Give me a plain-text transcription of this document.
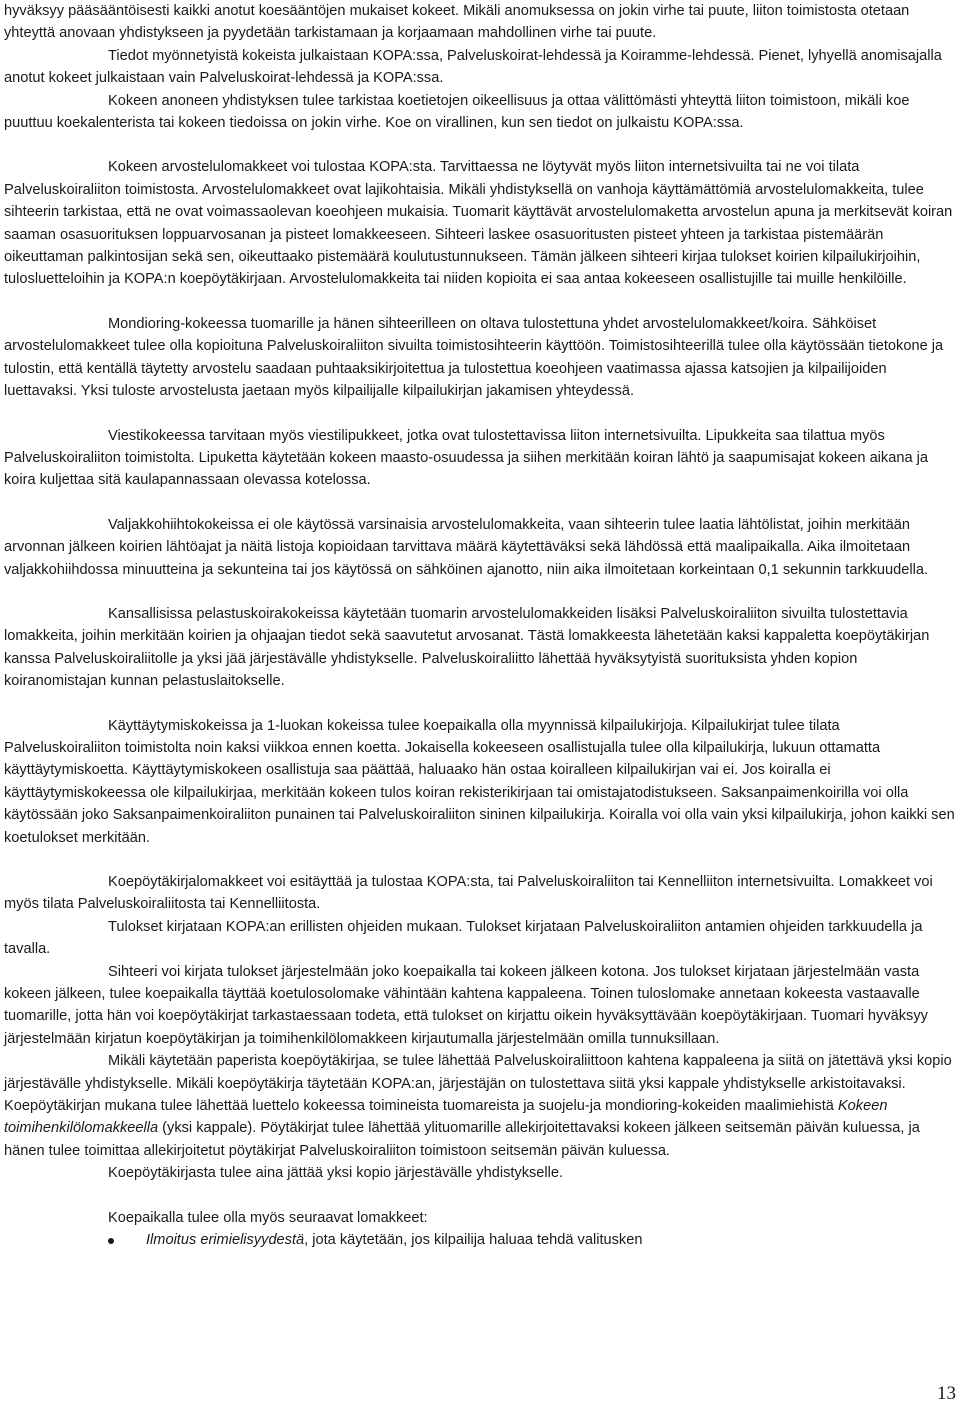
hyväksyy pääsääntöisesti kaikki anotut koesääntöjen mukaiset kokeet. Mikäli anomuksessa on jokin virhe tai puute, liiton toimistosta otetaan yhteyttä anovaan yhdistykseen ja pyydetään tarkistamaan ja korjaamaan mahdollinen virhe tai puute.

Tiedot myönnetyistä kokeista julkaistaan KOPA:ssa, Palveluskoirat-lehdessä ja Koiramme-lehdessä. Pienet, lyhyellä anomisajalla anotut kokeet julkaistaan vain Palveluskoirat-lehdessä ja KOPA:ssa.

Kokeen anoneen yhdistyksen tulee tarkistaa koetietojen oikeellisuus ja ottaa välittömästi yhteyttä liiton toimistoon, mikäli koe puuttuu koekalenterista tai kokeen tiedoissa on jokin virhe. Koe on virallinen, kun sen tiedot on julkaistu KOPA:ssa.

Kokeen arvostelulomakkeet voi tulostaa KOPA:sta. Tarvittaessa ne löytyvät myös liiton internetsivuilta tai ne voi tilata Palveluskoiraliiton toimistosta. Arvostelulomakkeet ovat lajikohtaisia. Mikäli yhdistyksellä on vanhoja käyttämättömiä arvostelulomakkeita, tulee sihteerin tarkistaa, että ne ovat voimassaolevan koeohjeen mukaisia. Tuomarit käyttävät arvostelulomaketta arvostelun apuna ja merkitsevät koiran saaman osasuorituksen loppuarvosanan ja pisteet lomakkeeseen. Sihteeri laskee osasuoritusten pisteet yhteen ja tarkistaa pistemäärän oikeuttaman palkintosijan sekä sen, oikeuttaako pistemäärä koulutustunnukseen. Tämän jälkeen sihteeri kirjaa tulokset koirien kilpailukirjoihin, tulosluetteloihin ja KOPA:n koepöytäkirjaan. Arvostelulomakkeita tai niiden kopioita ei saa antaa kokeeseen osallistujille tai muille henkilöille.

Mondioring-kokeessa tuomarille ja hänen sihteerilleen on oltava tulostettuna yhdet arvostelulomakkeet/koira. Sähköiset arvostelulomakkeet tulee olla kopioituna Palveluskoiraliiton sivuilta toimistosihteerin käyttöön. Toimistosihteerillä tulee olla käytössään tietokone ja tulostin, että kentällä täytetty arvostelu saadaan puhtaaksikirjoitettua ja tulostettua koeohjeen vaatimassa ajassa katsojien ja kilpailijoiden luettavaksi. Yksi tuloste arvostelusta jaetaan myös kilpailijalle kilpailukirjan jakamisen yhteydessä.

Viestikokeessa tarvitaan myös viestilipukkeet, jotka ovat tulostettavissa liiton internetsivuilta. Lipukkeita saa tilattua myös Palveluskoiraliiton toimistolta. Lipuketta käytetään kokeen maasto-osuudessa ja siihen merkitään koiran lähtö ja saapumisajat kokeen aikana ja koira kuljettaa sitä kaulapannassaan olevassa kotelossa.

Valjakkohiihtokokeissa ei ole käytössä varsinaisia arvostelulomakkeita, vaan sihteerin tulee laatia lähtölistat, joihin merkitään arvonnan jälkeen koirien lähtöajat ja näitä listoja kopioidaan tarvittava määrä käytettäväksi sekä lähdössä että maalipaikalla. Aika ilmoitetaan valjakkohiihdossa minuutteina ja sekunteina tai jos käytössä on sähköinen ajanotto, niin aika ilmoitetaan korkeintaan 0,1 sekunnin tarkkuudella.

Kansallisissa pelastuskoirakokeissa käytetään tuomarin arvostelulomakkeiden lisäksi Palveluskoiraliiton sivuilta tulostettavia lomakkeita, joihin merkitään koirien ja ohjaajan tiedot sekä saavutetut arvosanat. Tästä lomakkeesta lähetetään kaksi kappaletta koepöytäkirjan kanssa Palveluskoiraliitolle ja yksi jää järjestävälle yhdistykselle. Palveluskoiraliitto lähettää hyväksytyistä suorituksista yhden kopion koiranomistajan kunnan pelastuslaitokselle.

Käyttäytymiskokeissa ja 1-luokan kokeissa tulee koepaikalla olla myynnissä kilpailukirjoja. Kilpailukirjat tulee tilata Palveluskoiraliiton toimistolta noin kaksi viikkoa ennen koetta. Jokaisella kokeeseen osallistujalla tulee olla kilpailukirja, lukuun ottamatta käyttäytymiskoetta. Käyttäytymiskokeen osallistuja saa päättää, haluaako hän ostaa koiralleen kilpailukirjan vai ei. Jos koiralla ei käyttäytymiskokeessa ole kilpailukirjaa, merkitään kokeen tulos koiran rekisterikirjaan tai omistajatodistukseen. Saksanpaimenkoirilla voi olla käytössään joko Saksanpaimenkoiraliiton punainen tai Palveluskoiraliiton sininen kilpailukirja. Koiralla voi olla vain yksi kilpailukirja, johon kaikki sen koetulokset merkitään.

Koepöytäkirjalomakkeet voi esitäyttää ja tulostaa KOPA:sta, tai Palveluskoiraliiton tai Kennelliiton internetsivuilta. Lomakkeet voi myös tilata Palveluskoiraliitosta tai Kennelliitosta.

Tulokset kirjataan KOPA:an erillisten ohjeiden mukaan. Tulokset kirjataan Palveluskoiraliiton antamien ohjeiden tarkkuudella ja tavalla.

Sihteeri voi kirjata tulokset järjestelmään joko koepaikalla tai kokeen jälkeen kotona. Jos tulokset kirjataan järjestelmään vasta kokeen jälkeen, tulee koepaikalla täyttää koetulosolomake vähintään kahtena kappaleena. Toinen tuloslomake annetaan kokeesta vastaavalle tuomarille, jotta hän voi koepöytäkirjat tarkastaessaan todeta, että tulokset on kirjattu oikein hyväksyttävään koepöytäkirjaan. Tuomari hyväksyy järjestelmään kirjatun koepöytäkirjan ja toimihenkilölomakkeen kirjautumalla järjestelmään omilla tunnuksillaan.

Mikäli käytetään paperista koepöytäkirjaa, se tulee lähettää Palveluskoiraliittoon kahtena kappaleena ja siitä on jätettävä yksi kopio järjestävälle yhdistykselle. Mikäli koepöytäkirja täytetään KOPA:an, järjestäjän on tulostettava siitä yksi kappale yhdistykselle arkistoitavaksi. Koepöytäkirjan mukana tulee lähettää luettelo kokeessa toimineista tuomareista ja suojelu-ja mondioring-kokeiden maalimiehistä Kokeen toimihenkilölomakkeella (yksi kappale). Pöytäkirjat tulee lähettää ylituomarille allekirjoitettavaksi kokeen jälkeen seitsemän päivän kuluessa, ja hänen tulee toimittaa allekirjoitetut pöytäkirjat Palveluskoiraliiton toimistoon seitsemän päivän kuluessa.

Koepöytäkirjasta tulee aina jättää yksi kopio järjestävälle yhdistykselle.

Koepaikalla tulee olla myös seuraavat lomakkeet:

Ilmoitus erimielisyydestä, jota käytetään, jos kilpailija haluaa tehdä valitusken
13
